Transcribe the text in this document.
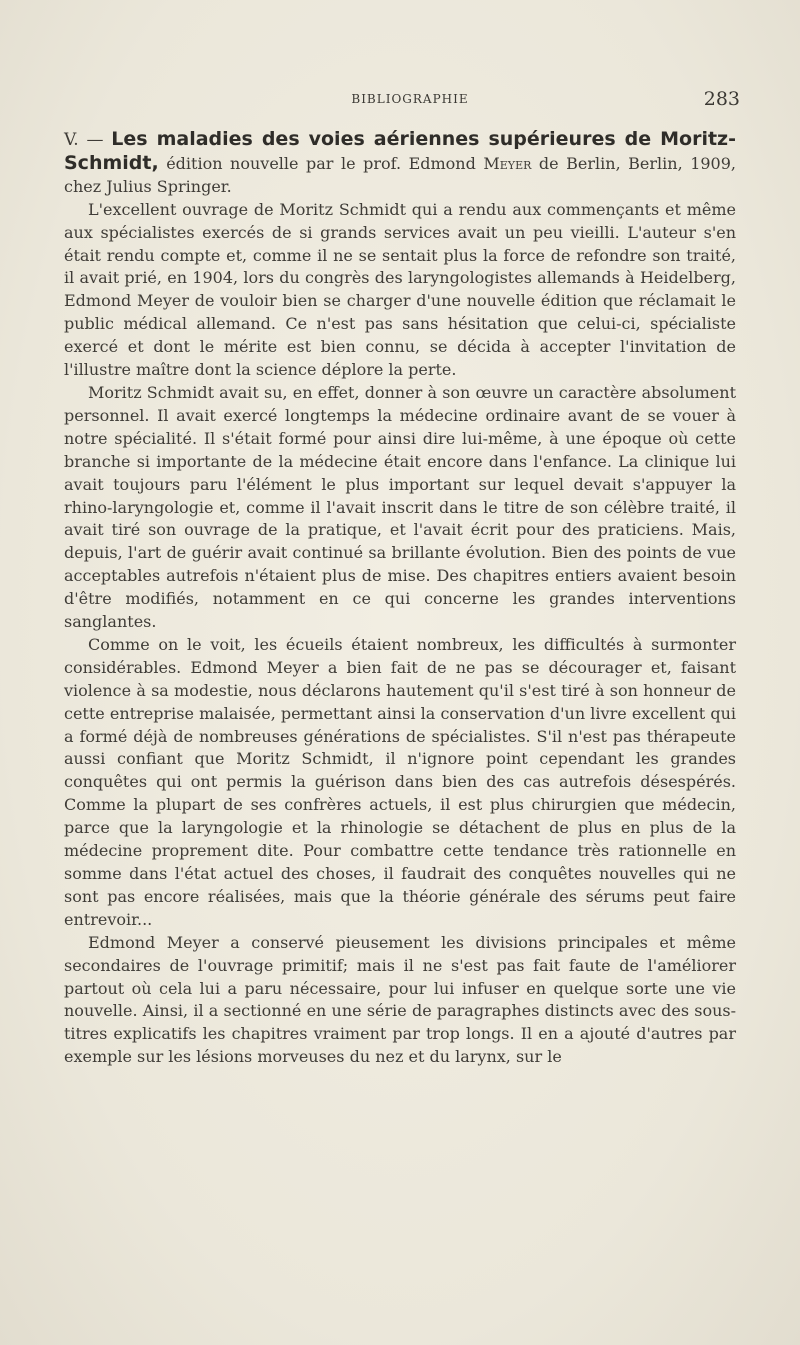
BIBLIOGRAPHIE	283

V. — Les maladies des voies aériennes supérieures de Moritz-Schmidt, édition nouvelle par le prof. Edmond Meyer de Berlin, Berlin, 1909, chez Julius Springer.

L'excellent ouvrage de Moritz Schmidt qui a rendu aux commençants et même aux spécialistes exercés de si grands services avait un peu vieilli. L'auteur s'en était rendu compte et, comme il ne se sentait plus la force de refondre son traité, il avait prié, en 1904, lors du congrès des laryngologistes allemands à Heidelberg, Edmond Meyer de vouloir bien se charger d'une nouvelle édition que réclamait le public médical allemand. Ce n'est pas sans hésitation que celui-ci, spécialiste exercé et dont le mérite est bien connu, se décida à accepter l'invitation de l'illustre maître dont la science déplore la perte.

Moritz Schmidt avait su, en effet, donner à son œuvre un caractère absolument personnel. Il avait exercé longtemps la médecine ordinaire avant de se vouer à notre spécialité. Il s'était formé pour ainsi dire lui-même, à une époque où cette branche si importante de la médecine était encore dans l'enfance. La clinique lui avait toujours paru l'élément le plus important sur lequel devait s'appuyer la rhino-laryngologie et, comme il l'avait inscrit dans le titre de son célèbre traité, il avait tiré son ouvrage de la pratique, et l'avait écrit pour des praticiens. Mais, depuis, l'art de guérir avait continué sa brillante évolution. Bien des points de vue acceptables autrefois n'étaient plus de mise. Des chapitres entiers avaient besoin d'être modifiés, notamment en ce qui concerne les grandes interventions sanglantes.

Comme on le voit, les écueils étaient nombreux, les difficultés à surmonter considérables. Edmond Meyer a bien fait de ne pas se décourager et, faisant violence à sa modestie, nous déclarons hautement qu'il s'est tiré à son honneur de cette entreprise malaisée, permettant ainsi la conservation d'un livre excellent qui a formé déjà de nombreuses générations de spécialistes. S'il n'est pas thérapeute aussi confiant que Moritz Schmidt, il n'ignore point cependant les grandes conquêtes qui ont permis la guérison dans bien des cas autrefois désespérés. Comme la plupart de ses confrères actuels, il est plus chirurgien que médecin, parce que la laryngologie et la rhinologie se détachent de plus en plus de la médecine proprement dite. Pour combattre cette tendance très rationnelle en somme dans l'état actuel des choses, il faudrait des conquêtes nouvelles qui ne sont pas encore réalisées, mais que la théorie générale des sérums peut faire entrevoir...

Edmond Meyer a conservé pieusement les divisions principales et même secondaires de l'ouvrage primitif; mais il ne s'est pas fait faute de l'améliorer partout où cela lui a paru nécessaire, pour lui infuser en quelque sorte une vie nouvelle. Ainsi, il a sectionné en une série de paragraphes distincts avec des sous-titres explicatifs les chapitres vraiment par trop longs. Il en a ajouté d'autres par exemple sur les lésions morveuses du nez et du larynx, sur le
